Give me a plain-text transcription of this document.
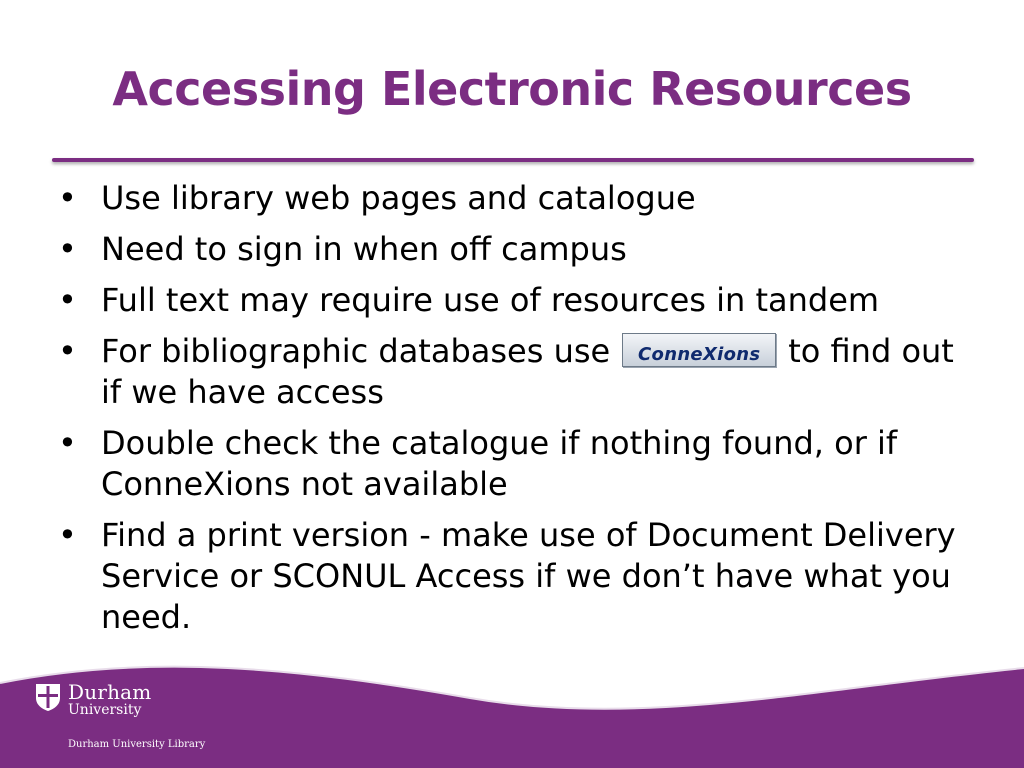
Accessing Electronic Resources
• Use library web pages and catalogue
• Need to sign in when off campus
• Full text may require use of resources in tandem
• For bibliographic databases use ConneXions to find out if we have access
• Double check the catalogue if nothing found, or if ConneXions not available
• Find a print version - make use of Document Delivery Service or SCONUL Access if we don’t have what you need.
Durham
University
Durham University Library
